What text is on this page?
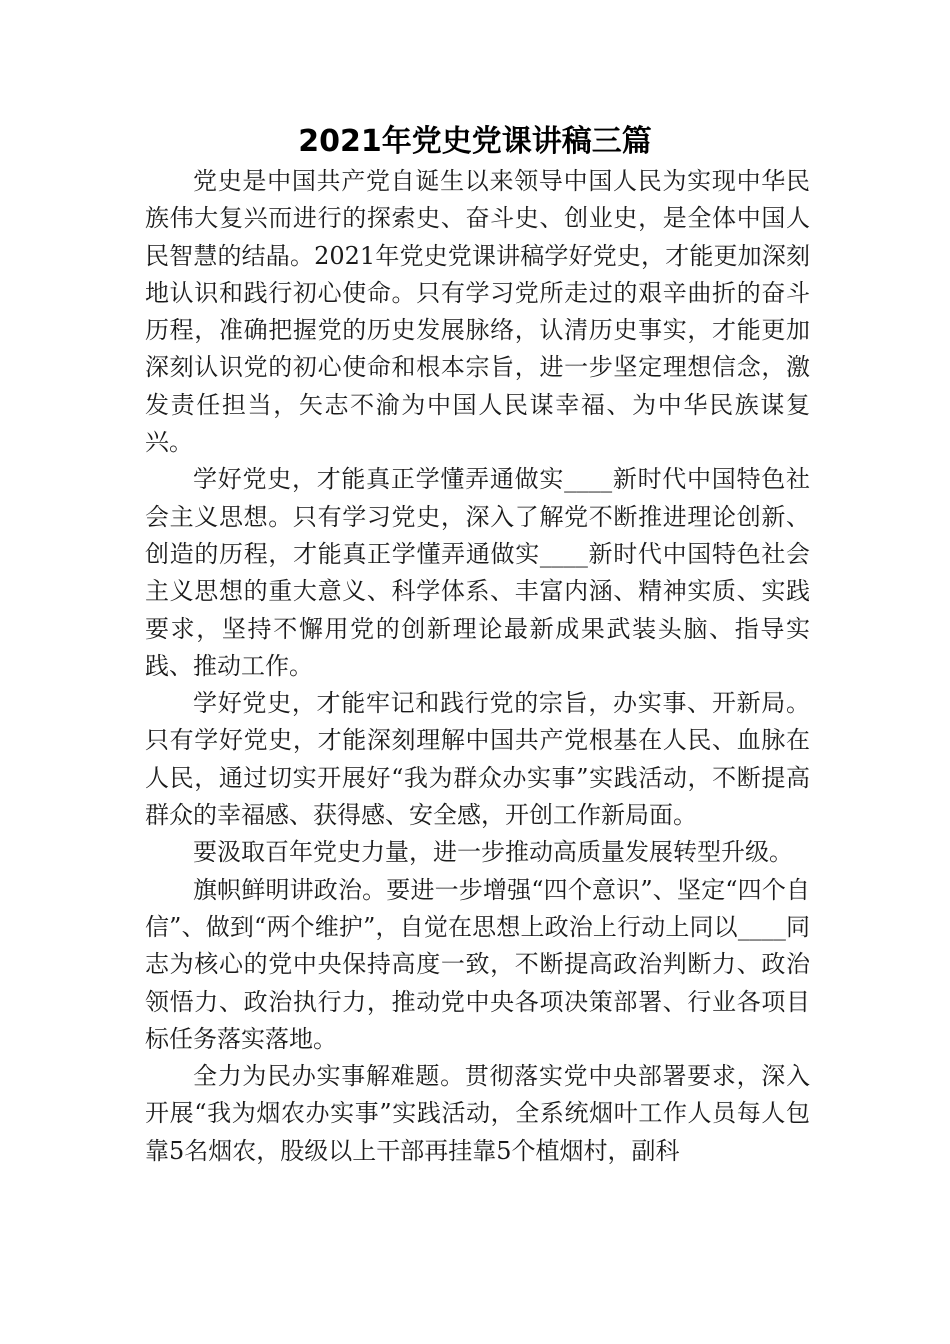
2021年党史党课讲稿三篇

党史是中国共产党自诞生以来领导中国人民为实现中华民族伟大复兴而进行的探索史、奋斗史、创业史，是全体中国人民智慧的结晶。2021年党史党课讲稿学好党史，才能更加深刻地认识和践行初心使命。只有学习党所走过的艰辛曲折的奋斗历程，准确把握党的历史发展脉络，认清历史事实，才能更加深刻认识党的初心使命和根本宗旨，进一步坚定理想信念，激发责任担当，矢志不渝为中国人民谋幸福、为中华民族谋复兴。

学好党史，才能真正学懂弄通做实____新时代中国特色社会主义思想。只有学习党史，深入了解党不断推进理论创新、创造的历程，才能真正学懂弄通做实____新时代中国特色社会主义思想的重大意义、科学体系、丰富内涵、精神实质、实践要求，坚持不懈用党的创新理论最新成果武装头脑、指导实践、推动工作。

学好党史，才能牢记和践行党的宗旨，办实事、开新局。只有学好党史，才能深刻理解中国共产党根基在人民、血脉在人民，通过切实开展好“我为群众办实事”实践活动，不断提高群众的幸福感、获得感、安全感，开创工作新局面。

要汲取百年党史力量，进一步推动高质量发展转型升级。

旗帜鲜明讲政治。要进一步增强“四个意识”、坚定“四个自信”、做到“两个维护”，自觉在思想上政治上行动上同以____同志为核心的党中央保持高度一致，不断提高政治判断力、政治领悟力、政治执行力，推动党中央各项决策部署、行业各项目标任务落实落地。

全力为民办实事解难题。贯彻落实党中央部署要求，深入开展“我为烟农办实事”实践活动，全系统烟叶工作人员每人包靠5名烟农，股级以上干部再挂靠5个植烟村，副科
